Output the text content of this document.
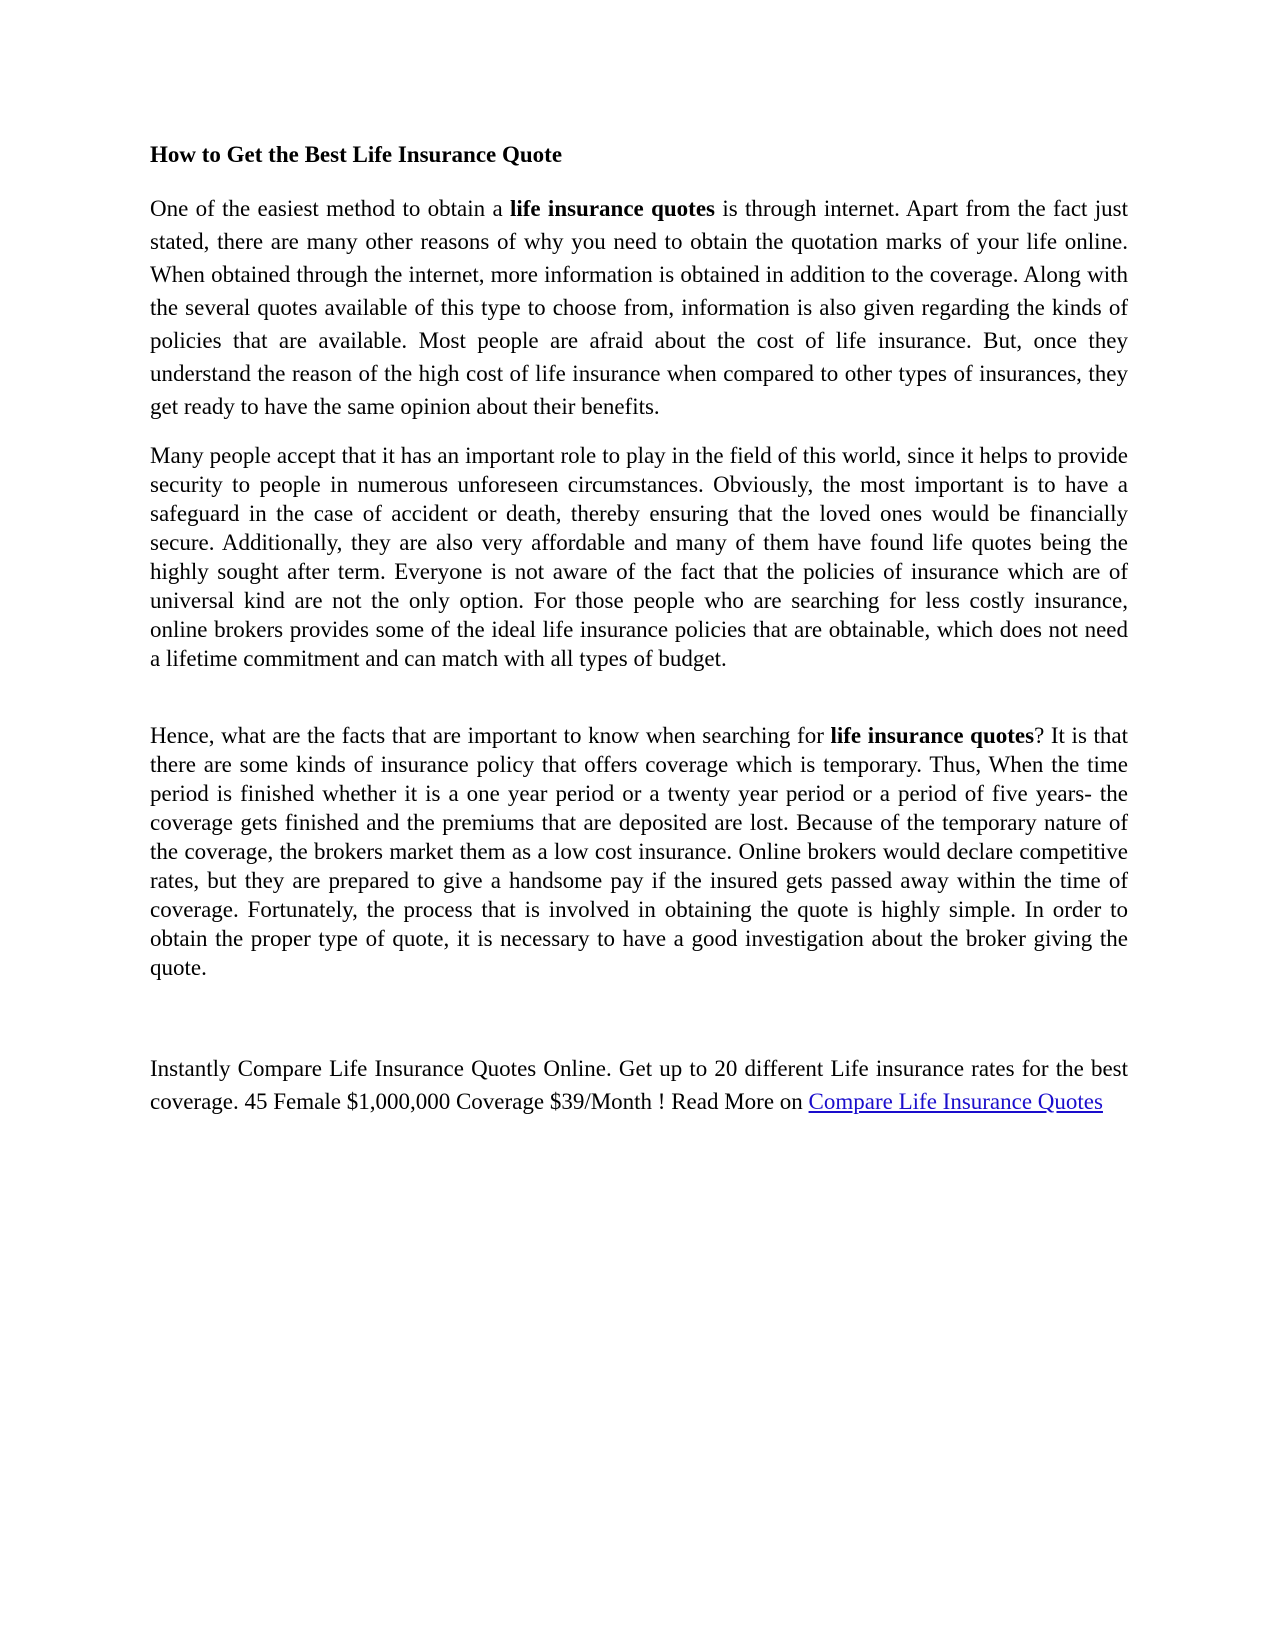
How to Get the Best Life Insurance Quote

One of the easiest method to obtain a life insurance quotes is through internet. Apart from the fact just stated, there are many other reasons of why you need to obtain the quotation marks of your life online. When obtained through the internet, more information is obtained in addition to the coverage. Along with the several quotes available of this type to choose from, information is also given regarding the kinds of policies that are available. Most people are afraid about the cost of life insurance. But, once they understand the reason of the high cost of life insurance when compared to other types of insurances, they get ready to have the same opinion about their benefits.

Many people accept that it has an important role to play in the field of this world, since it helps to provide security to people in numerous unforeseen circumstances. Obviously, the most important is to have a safeguard in the case of accident or death, thereby ensuring that the loved ones would be financially secure. Additionally, they are also very affordable and many of them have found life quotes being the highly sought after term. Everyone is not aware of the fact that the policies of insurance which are of universal kind are not the only option. For those people who are searching for less costly insurance, online brokers provides some of the ideal life insurance policies that are obtainable, which does not need a lifetime commitment and can match with all types of budget.

Hence, what are the facts that are important to know when searching for life insurance quotes? It is that there are some kinds of insurance policy that offers coverage which is temporary. Thus, When the time period is finished whether it is a one year period or a twenty year period or a period of five years- the coverage gets finished and the premiums that are deposited are lost. Because of the temporary nature of the coverage, the brokers market them as a low cost insurance. Online brokers would declare competitive rates, but they are prepared to give a handsome pay if the insured gets passed away within the time of coverage. Fortunately, the process that is involved in obtaining the quote is highly simple. In order to obtain the proper type of quote, it is necessary to have a good investigation about the broker giving the quote.

Instantly Compare Life Insurance Quotes Online. Get up to 20 different Life insurance rates for the best coverage. 45 Female $1,000,000 Coverage $39/Month ! Read More on Compare Life Insurance Quotes
